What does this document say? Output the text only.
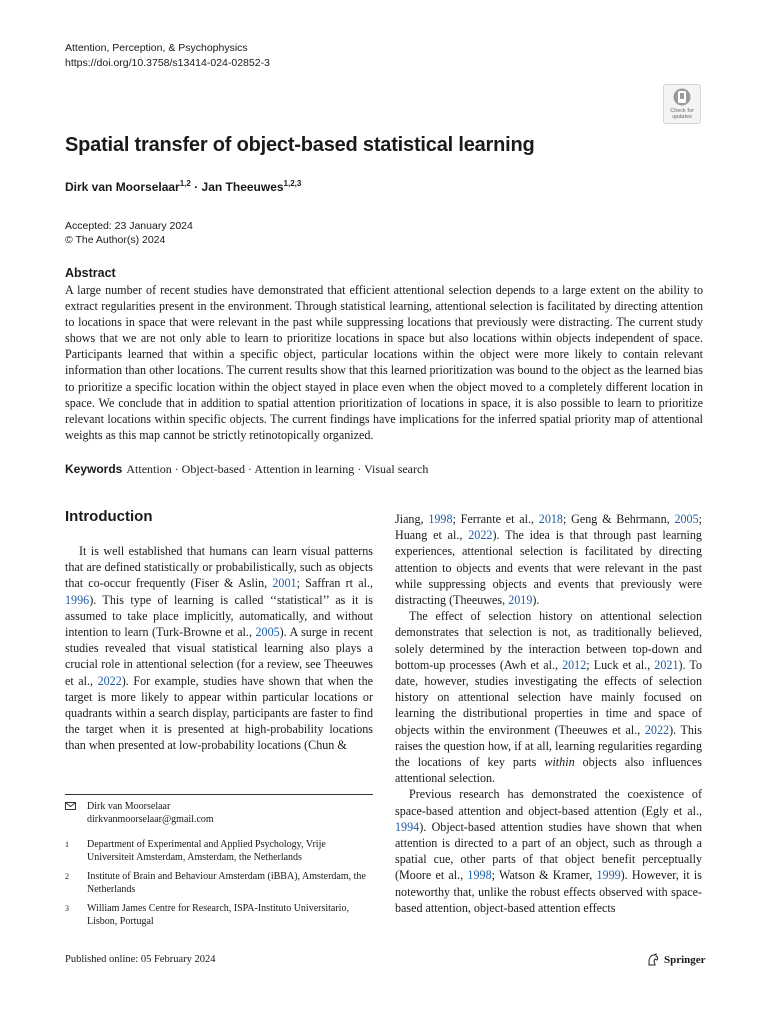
Attention, Perception, & Psychophysics
https://doi.org/10.3758/s13414-024-02852-3
Check for
updates
Spatial transfer of object-based statistical learning
Dirk van Moorselaar$^{1,2}$ · Jan Theeuwes$^{1,2,3}$
Accepted: 23 January 2024
© The Author(s) 2024
Abstract
A large number of recent studies have demonstrated that efficient attentional selection depends to a large extent on the ability to extract regularities present in the environment. Through statistical learning, attentional selection is facilitated by directing attention to locations in space that were relevant in the past while suppressing locations that previously were distracting. The current study shows that we are not only able to learn to prioritize locations in space but also locations within objects independent of space. Participants learned that within a specific object, particular locations within the object were more likely to contain relevant information than other locations. The current results show that this learned prioritization was bound to the object as the learned bias to prioritize a specific location within the object stayed in place even when the object moved to a completely different location in space. We conclude that in addition to spatial attention prioritization of locations in space, it is also possible to learn to prioritize relevant locations within specific objects. The current findings have implications for the inferred spatial priority map of attentional weights as this map cannot be strictly retinotopically organized.
Keywords Attention · Object-based · Attention in learning · Visual search
Introduction

It is well established that humans can learn visual patterns that are defined statistically or probabilistically, such as objects that co-occur frequently (Fiser & Aslin, 2001; Saffran rt al., 1996). This type of learning is called ‘‘statistical’’ as it is assumed to take place implicitly, automatically, and without intention to learn (Turk-Browne et al., 2005). A surge in recent studies revealed that visual statistical learning also plays a crucial role in attentional selection (for a review, see Theeuwes et al., 2022). For example, studies have shown that when the target is more likely to appear within particular locations or quadrants within a search display, participants are faster to find the target when it is presented at high-probability locations than when presented at low-probability locations (Chun &

Jiang, 1998; Ferrante et al., 2018; Geng & Behrmann, 2005; Huang et al., 2022). The idea is that through past learning experiences, attentional selection is facilitated by directing attention to objects and events that were relevant in the past while suppressing objects and events that previously were distracting (Theeuwes, 2019).

The effect of selection history on attentional selection demonstrates that selection is not, as traditionally believed, solely determined by the interaction between top-down and bottom-up processes (Awh et al., 2012; Luck et al., 2021). To date, however, studies investigating the effects of selection history on attentional selection have mainly focused on learning the distributional properties in time and space of objects within the environment (Theeuwes et al., 2022). This raises the question how, if at all, learning regularities regarding the locations of key parts within objects also influences attentional selection.

Previous research has demonstrated the coexistence of space-based attention and object-based attention (Egly et al., 1994). Object-based attention studies have shown that when attention is directed to a part of an object, such as through a spatial cue, other parts of that object benefit perceptually (Moore et al., 1998; Watson & Kramer, 1999). However, it is noteworthy that, unlike the robust effects observed with space-based attention, object-based attention effects

Dirk van Moorselaar
dirkvanmoorselaar@gmail.com
1 Department of Experimental and Applied Psychology, Vrije Universiteit Amsterdam, Amsterdam, the Netherlands
2 Institute of Brain and Behaviour Amsterdam (iBBA), Amsterdam, the Netherlands
3 William James Centre for Research, ISPA-Instituto Universitario, Lisbon, Portugal
Published online: 05 February 2024	Springer
